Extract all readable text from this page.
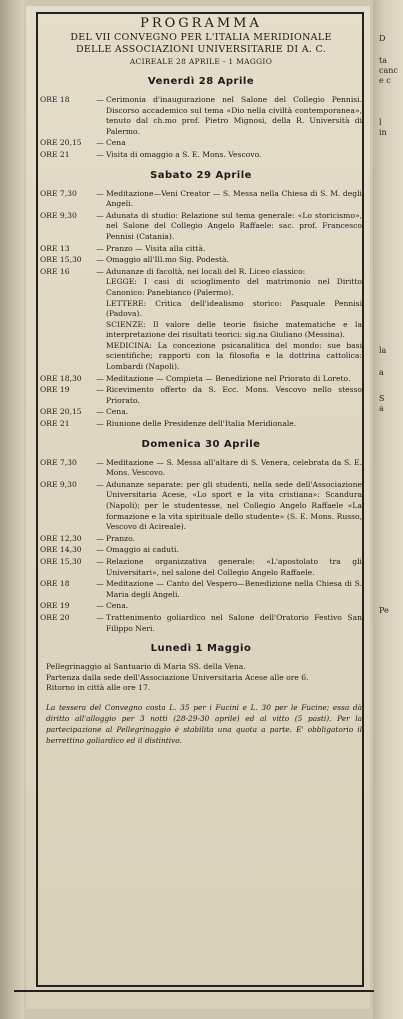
D
ta
canc
e c
l
in
la
a
S
a
Pe

PROGRAMMA

DEL VII CONVEGNO PER L'ITALIA MERIDIONALE

DELLE ASSOCIAZIONI UNIVERSITARIE DI A. C.

ACIREALE 28 APRILE - 1 MAGGIO

Venerdì 28 Aprile
ORE 18	— Cerimonia d'inaugurazione nel Salone del Collegio Pennisi. Discorso accademico sul tema «Dio nella civiltà contemporanea», tenuto dal ch.mo prof. Pietro Mignosi, della R. Università di Palermo.

ORE 20,15	— Cena

ORE 21	— Visita di omaggio a S. E. Mons. Vescovo.

Sabato 29 Aprile
ORE 7,30	— Meditazione—Veni Creator — S. Messa nella Chiesa di S. M. degli Angeli.

ORE 9,30	— Adunata di studio: Relazione sul tema generale: «Lo storicismo», nel Salone del Collegio Angelo Raffaele: sac. prof. Francesco Pennisi (Catania).

ORE 13	— Pranzo — Visita alla città.

ORE 15,30	— Omaggio all'Ill.mo Sig. Podestà.

ORE 16	— Adunanze di facoltà, nei locali del R. Liceo classico:

LEGGE: I casi di scioglimento del matrimonio nel Diritto Canonico: Panebianco (Palermo).

LETTERE: Critica dell'idealismo storico: Pasquale Pennisi (Padova).

SCIENZE: Il valore delle teorie fisiche matematiche e la interpretazione dei risultati teorici: sig.na Giuliano (Messina).

MEDICINA: La concezione psicanalitica del mondo: sue basi scientifiche; rapporti con la filosofia e la dottrina cattolica: Lombardi (Napoli).

ORE 18,30	— Meditazione — Compieta — Benedizione nel Priorato di Loreto.

ORE 19	— Ricevimento offerto da S. Ecc. Mons. Vescovo nello stesso Priorato.

ORE 20,15	— Cena.

ORE 21	— Riunione delle Presidenze dell'Italia Meridionale.

Domenica 30 Aprile
ORE 7,30	— Meditazione — S. Messa all'altare di S. Venera, celebrata da S. E. Mons. Vescovo.

ORE 9,30	— Adunanze separate: per gli studenti, nella sede dell'Associazione Universitaria Acese, «Lo sport e la vita cristiana»: Scandura (Napoli); per le studentesse, nel Collegio Angelo Raffaele «La formazione e la vita spirituale dello studente» (S. E. Mons. Russo, Vescovo di Acireale).

ORE 12,30	— Pranzo.

ORE 14,30	— Omaggio ai caduti.

ORE 15,30	— Relazione organizzativa generale: «L'apostolato tra gli Universitari», nel salone del Collegio Angelo Raffaele.

ORE 18	— Meditazione — Canto del Vespero—Benedizione nella Chiesa di S. Maria degli Angeli.

ORE 19	— Cena.

ORE 20	— Trattenimento goliardico nel Salone dell'Oratorio Festivo San Filippo Neri.

Lunedì 1 Maggio

Pellegrinaggio al Santuario di Maria SS. della Vena.

Partenza dalla sede dell'Associazione Universitaria Acese alle ore 6.

Ritorno in città alle ore 17.

La tessera del Convegno costa L. 35 per i Fucini e L. 30 per le Fucine; essa dà diritto all'alloggio per 3 notti (28-29-30 aprile) ed al vitto (5 pasti). Per la partecipazione al Pellegrinaggio è stabilita una quota a parte. E' obbligatorio il berrettino goliardico ed il distintivo.
